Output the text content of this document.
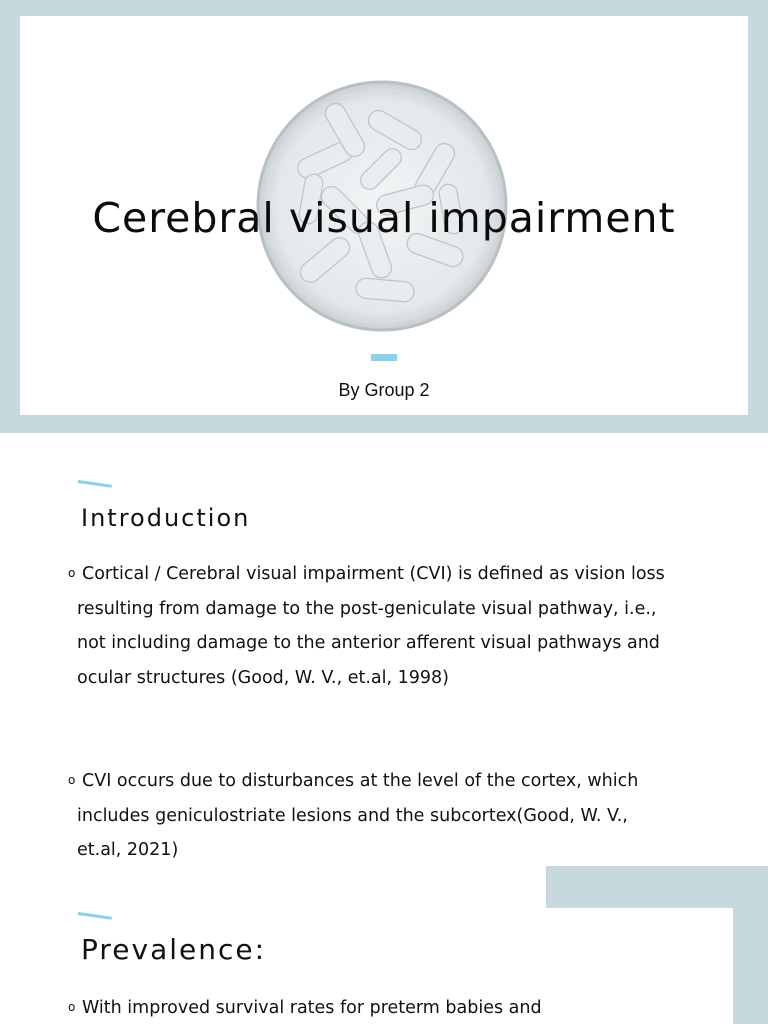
Cerebral visual impairment
By Group 2
Introduction
o Cortical / Cerebral visual impairment (CVI) is defined as vision loss resulting from damage to the post-geniculate visual pathway, i.e., not including damage to the anterior afferent visual pathways and ocular structures (Good, W. V., et.al, 1998)
o CVI occurs due to disturbances at the level of the cortex, which includes geniculostriate lesions and the subcortex(Good, W. V., et.al, 2021)
Prevalence:
o With improved survival rates for preterm babies and
